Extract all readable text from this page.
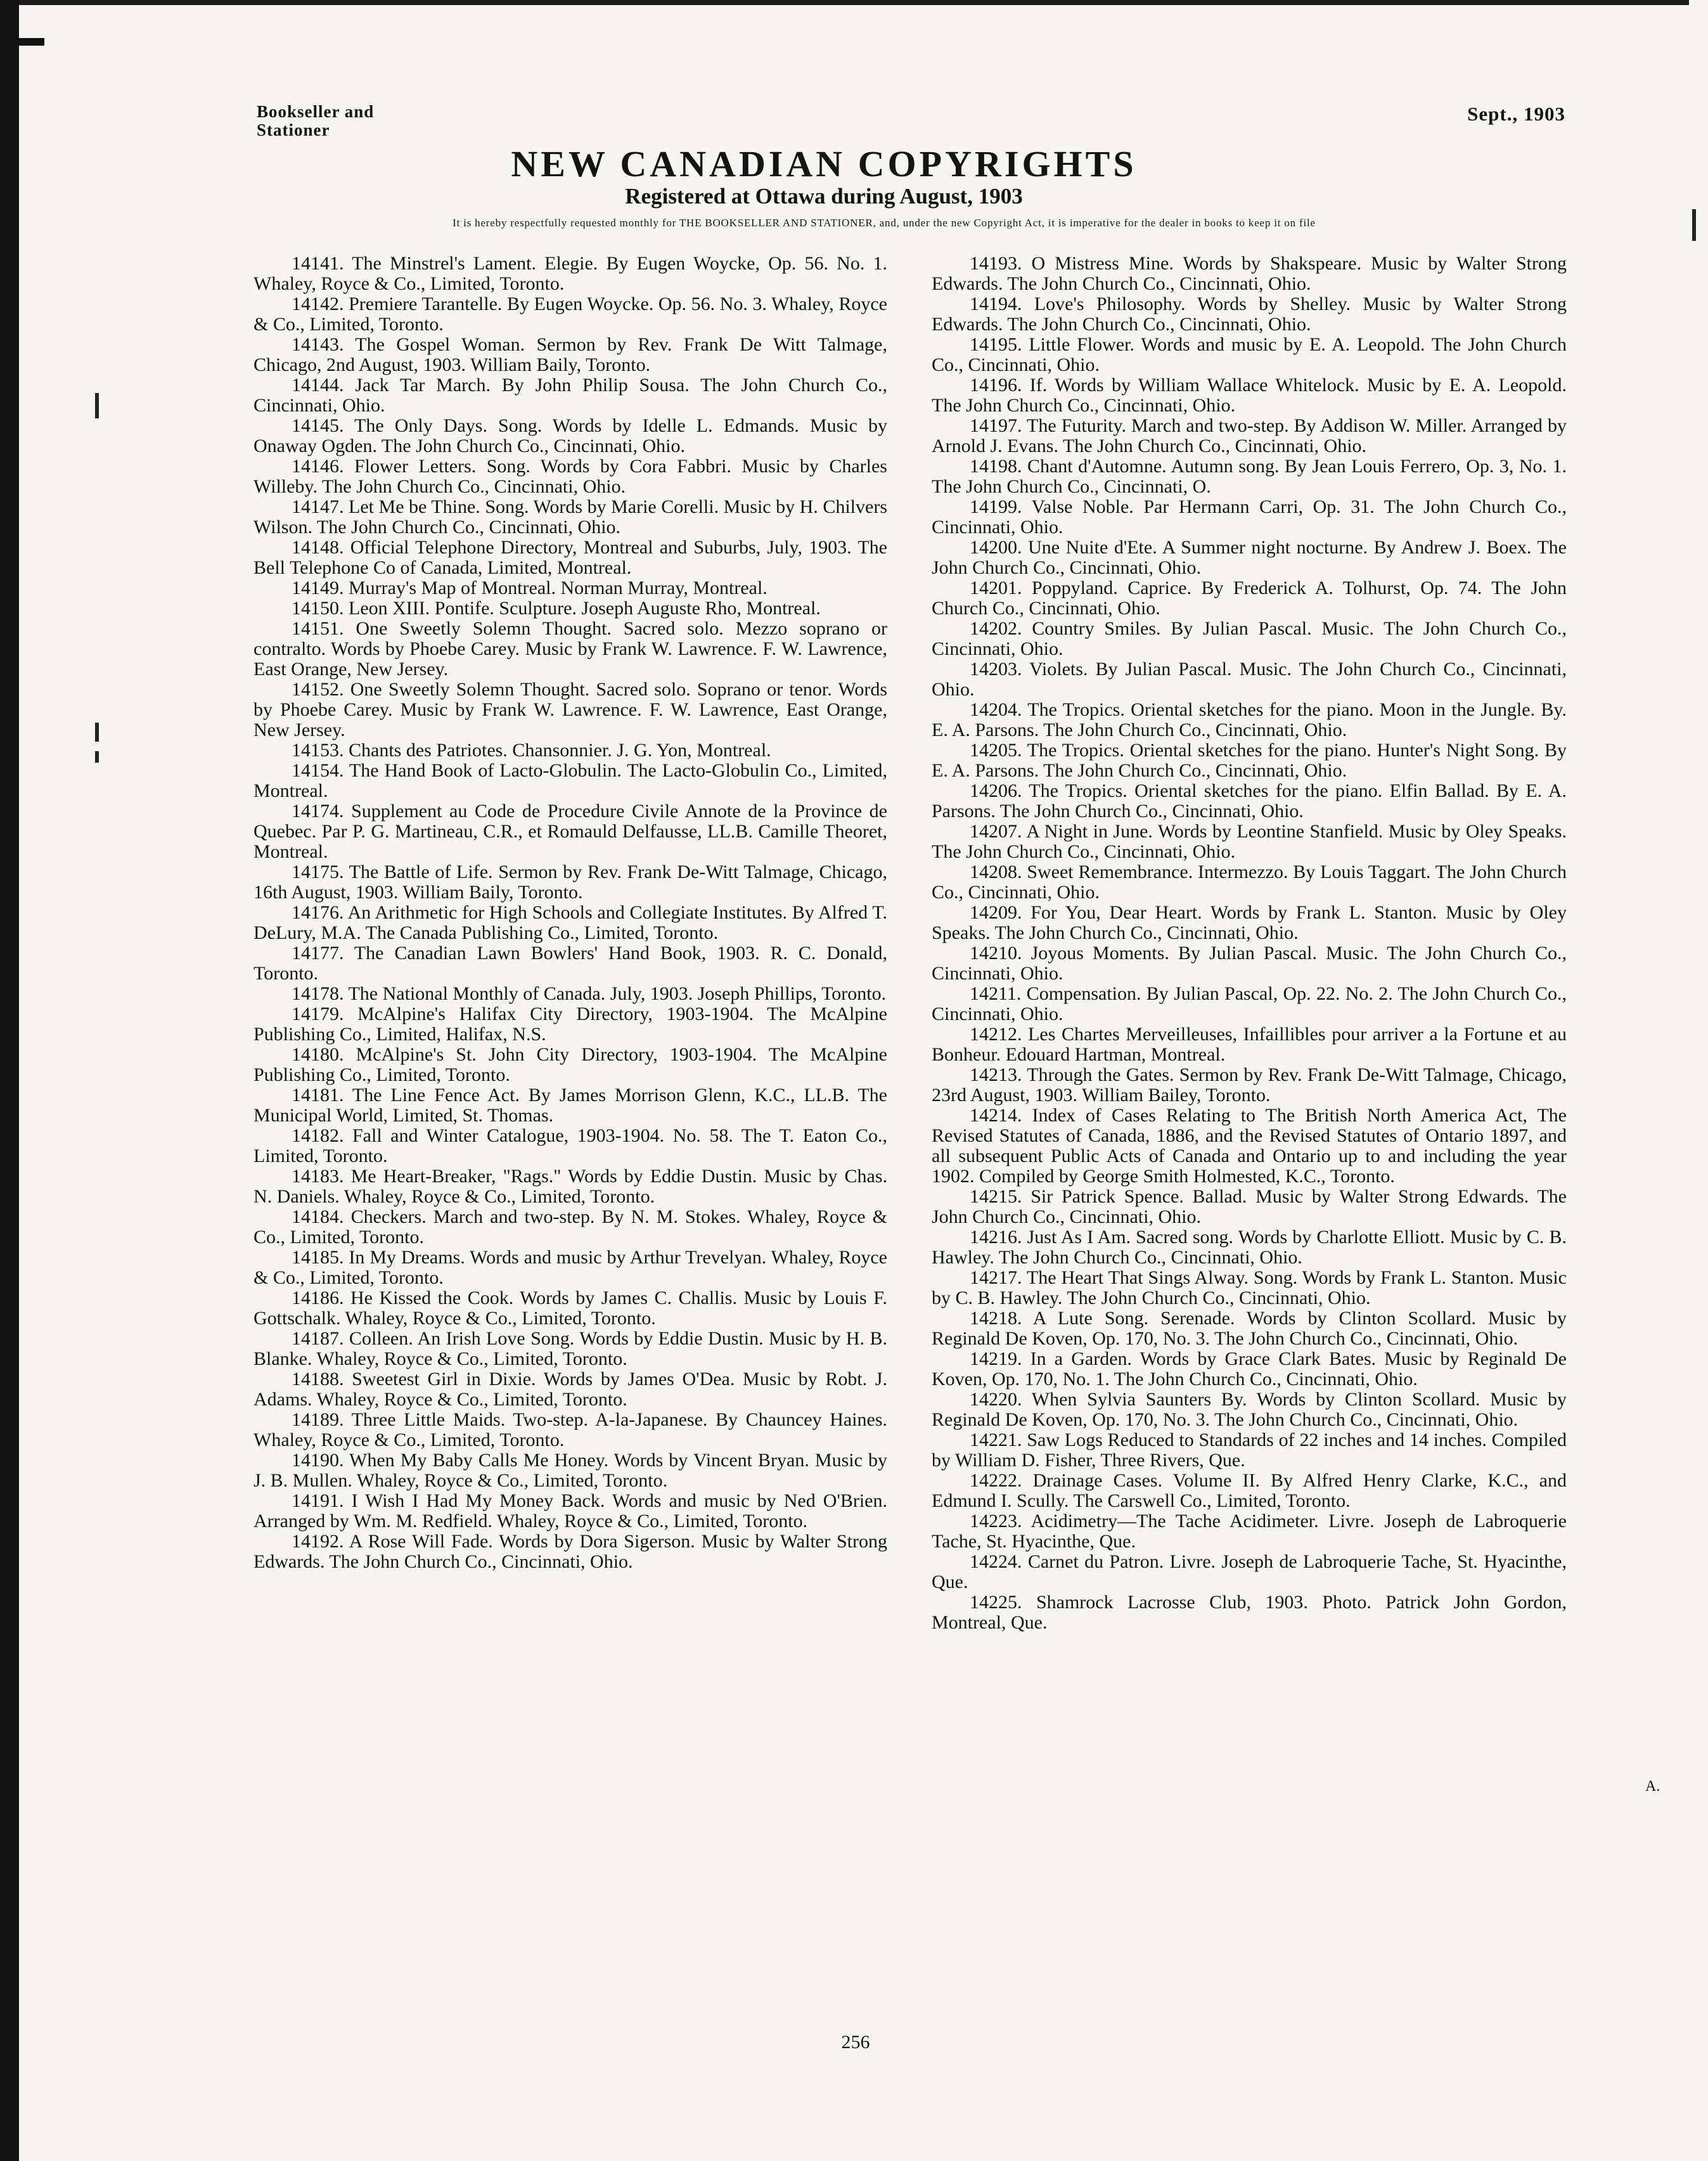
Bookseller and
Stationer
Sept., 1903
NEW CANADIAN COPYRIGHTS
Registered at Ottawa during August, 1903
It is hereby respectfully requested monthly for THE BOOKSELLER AND STATIONER, and, under the new Copyright Act, it is imperative for the dealer in books to keep it on file

14141. The Minstrel's Lament. Elegie. By Eugen Woycke, Op. 56. No. 1. Whaley, Royce & Co., Limited, Toronto.

14142. Premiere Tarantelle. By Eugen Woycke. Op. 56. No. 3. Whaley, Royce & Co., Limited, Toronto.

14143. The Gospel Woman. Sermon by Rev. Frank De Witt Talmage, Chicago, 2nd August, 1903. William Baily, Toronto.

14144. Jack Tar March. By John Philip Sousa. The John Church Co., Cincinnati, Ohio.

14145. The Only Days. Song. Words by Idelle L. Edmands. Music by Onaway Ogden. The John Church Co., Cincinnati, Ohio.

14146. Flower Letters. Song. Words by Cora Fabbri. Music by Charles Willeby. The John Church Co., Cincinnati, Ohio.

14147. Let Me be Thine. Song. Words by Marie Corelli. Music by H. Chilvers Wilson. The John Church Co., Cincinnati, Ohio.

14148. Official Telephone Directory, Montreal and Suburbs, July, 1903. The Bell Telephone Co of Canada, Limited, Montreal.

14149. Murray's Map of Montreal. Norman Murray, Montreal.

14150. Leon XIII. Pontife. Sculpture. Joseph Auguste Rho, Montreal.

14151. One Sweetly Solemn Thought. Sacred solo. Mezzo soprano or contralto. Words by Phoebe Carey. Music by Frank W. Lawrence. F. W. Lawrence, East Orange, New Jersey.

14152. One Sweetly Solemn Thought. Sacred solo. Soprano or tenor. Words by Phoebe Carey. Music by Frank W. Lawrence. F. W. Lawrence, East Orange, New Jersey.

14153. Chants des Patriotes. Chansonnier. J. G. Yon, Montreal.

14154. The Hand Book of Lacto-Globulin. The Lacto-Globulin Co., Limited, Montreal.

14174. Supplement au Code de Procedure Civile Annote de la Province de Quebec. Par P. G. Martineau, C.R., et Romauld Delfausse, LL.B. Camille Theoret, Montreal.

14175. The Battle of Life. Sermon by Rev. Frank De-Witt Talmage, Chicago, 16th August, 1903. William Baily, Toronto.

14176. An Arithmetic for High Schools and Collegiate Institutes. By Alfred T. DeLury, M.A. The Canada Publishing Co., Limited, Toronto.

14177. The Canadian Lawn Bowlers' Hand Book, 1903. R. C. Donald, Toronto.

14178. The National Monthly of Canada. July, 1903. Joseph Phillips, Toronto.

14179. McAlpine's Halifax City Directory, 1903-1904. The McAlpine Publishing Co., Limited, Halifax, N.S.

14180. McAlpine's St. John City Directory, 1903-1904. The McAlpine Publishing Co., Limited, Toronto.

14181. The Line Fence Act. By James Morrison Glenn, K.C., LL.B. The Municipal World, Limited, St. Thomas.

14182. Fall and Winter Catalogue, 1903-1904. No. 58. The T. Eaton Co., Limited, Toronto.

14183. Me Heart-Breaker, "Rags." Words by Eddie Dustin. Music by Chas. N. Daniels. Whaley, Royce & Co., Limited, Toronto.

14184. Checkers. March and two-step. By N. M. Stokes. Whaley, Royce & Co., Limited, Toronto.

14185. In My Dreams. Words and music by Arthur Trevelyan. Whaley, Royce & Co., Limited, Toronto.

14186. He Kissed the Cook. Words by James C. Challis. Music by Louis F. Gottschalk. Whaley, Royce & Co., Limited, Toronto.

14187. Colleen. An Irish Love Song. Words by Eddie Dustin. Music by H. B. Blanke. Whaley, Royce & Co., Limited, Toronto.

14188. Sweetest Girl in Dixie. Words by James O'Dea. Music by Robt. J. Adams. Whaley, Royce & Co., Limited, Toronto.

14189. Three Little Maids. Two-step. A-la-Japanese. By Chauncey Haines. Whaley, Royce & Co., Limited, Toronto.

14190. When My Baby Calls Me Honey. Words by Vincent Bryan. Music by J. B. Mullen. Whaley, Royce & Co., Limited, Toronto.

14191. I Wish I Had My Money Back. Words and music by Ned O'Brien. Arranged by Wm. M. Redfield. Whaley, Royce & Co., Limited, Toronto.

14192. A Rose Will Fade. Words by Dora Sigerson. Music by Walter Strong Edwards. The John Church Co., Cincinnati, Ohio.

14193. O Mistress Mine. Words by Shakspeare. Music by Walter Strong Edwards. The John Church Co., Cincinnati, Ohio.

14194. Love's Philosophy. Words by Shelley. Music by Walter Strong Edwards. The John Church Co., Cincinnati, Ohio.

14195. Little Flower. Words and music by E. A. Leopold. The John Church Co., Cincinnati, Ohio.

14196. If. Words by William Wallace Whitelock. Music by E. A. Leopold. The John Church Co., Cincinnati, Ohio.

14197. The Futurity. March and two-step. By Addison W. Miller. Arranged by Arnold J. Evans. The John Church Co., Cincinnati, Ohio.

14198. Chant d'Automne. Autumn song. By Jean Louis Ferrero, Op. 3, No. 1. The John Church Co., Cincinnati, O.

14199. Valse Noble. Par Hermann Carri, Op. 31. The John Church Co., Cincinnati, Ohio.

14200. Une Nuite d'Ete. A Summer night nocturne. By Andrew J. Boex. The John Church Co., Cincinnati, Ohio.

14201. Poppyland. Caprice. By Frederick A. Tolhurst, Op. 74. The John Church Co., Cincinnati, Ohio.

14202. Country Smiles. By Julian Pascal. Music. The John Church Co., Cincinnati, Ohio.

14203. Violets. By Julian Pascal. Music. The John Church Co., Cincinnati, Ohio.

14204. The Tropics. Oriental sketches for the piano. Moon in the Jungle. By. E. A. Parsons. The John Church Co., Cincinnati, Ohio.

14205. The Tropics. Oriental sketches for the piano. Hunter's Night Song. By E. A. Parsons. The John Church Co., Cincinnati, Ohio.

14206. The Tropics. Oriental sketches for the piano. Elfin Ballad. By E. A. Parsons. The John Church Co., Cincinnati, Ohio.

14207. A Night in June. Words by Leontine Stanfield. Music by Oley Speaks. The John Church Co., Cincinnati, Ohio.

14208. Sweet Remembrance. Intermezzo. By Louis Taggart. The John Church Co., Cincinnati, Ohio.

14209. For You, Dear Heart. Words by Frank L. Stanton. Music by Oley Speaks. The John Church Co., Cincinnati, Ohio.

14210. Joyous Moments. By Julian Pascal. Music. The John Church Co., Cincinnati, Ohio.

14211. Compensation. By Julian Pascal, Op. 22. No. 2. The John Church Co., Cincinnati, Ohio.

14212. Les Chartes Merveilleuses, Infaillibles pour arriver a la Fortune et au Bonheur. Edouard Hartman, Montreal.

14213. Through the Gates. Sermon by Rev. Frank De-Witt Talmage, Chicago, 23rd August, 1903. William Bailey, Toronto.

14214. Index of Cases Relating to The British North America Act, The Revised Statutes of Canada, 1886, and the Revised Statutes of Ontario 1897, and all subsequent Public Acts of Canada and Ontario up to and including the year 1902. Compiled by George Smith Holmested, K.C., Toronto.

14215. Sir Patrick Spence. Ballad. Music by Walter Strong Edwards. The John Church Co., Cincinnati, Ohio.

14216. Just As I Am. Sacred song. Words by Charlotte Elliott. Music by C. B. Hawley. The John Church Co., Cincinnati, Ohio.

14217. The Heart That Sings Alway. Song. Words by Frank L. Stanton. Music by C. B. Hawley. The John Church Co., Cincinnati, Ohio.

14218. A Lute Song. Serenade. Words by Clinton Scollard. Music by Reginald De Koven, Op. 170, No. 3. The John Church Co., Cincinnati, Ohio.

14219. In a Garden. Words by Grace Clark Bates. Music by Reginald De Koven, Op. 170, No. 1. The John Church Co., Cincinnati, Ohio.

14220. When Sylvia Saunters By. Words by Clinton Scollard. Music by Reginald De Koven, Op. 170, No. 3. The John Church Co., Cincinnati, Ohio.

14221. Saw Logs Reduced to Standards of 22 inches and 14 inches. Compiled by William D. Fisher, Three Rivers, Que.

14222. Drainage Cases. Volume II. By Alfred Henry Clarke, K.C., and Edmund I. Scully. The Carswell Co., Limited, Toronto.

14223. Acidimetry—The Tache Acidimeter. Livre. Joseph de Labroquerie Tache, St. Hyacinthe, Que.

14224. Carnet du Patron. Livre. Joseph de Labroquerie Tache, St. Hyacinthe, Que.

14225. Shamrock Lacrosse Club, 1903. Photo. Patrick John Gordon, Montreal, Que.

256
A.
